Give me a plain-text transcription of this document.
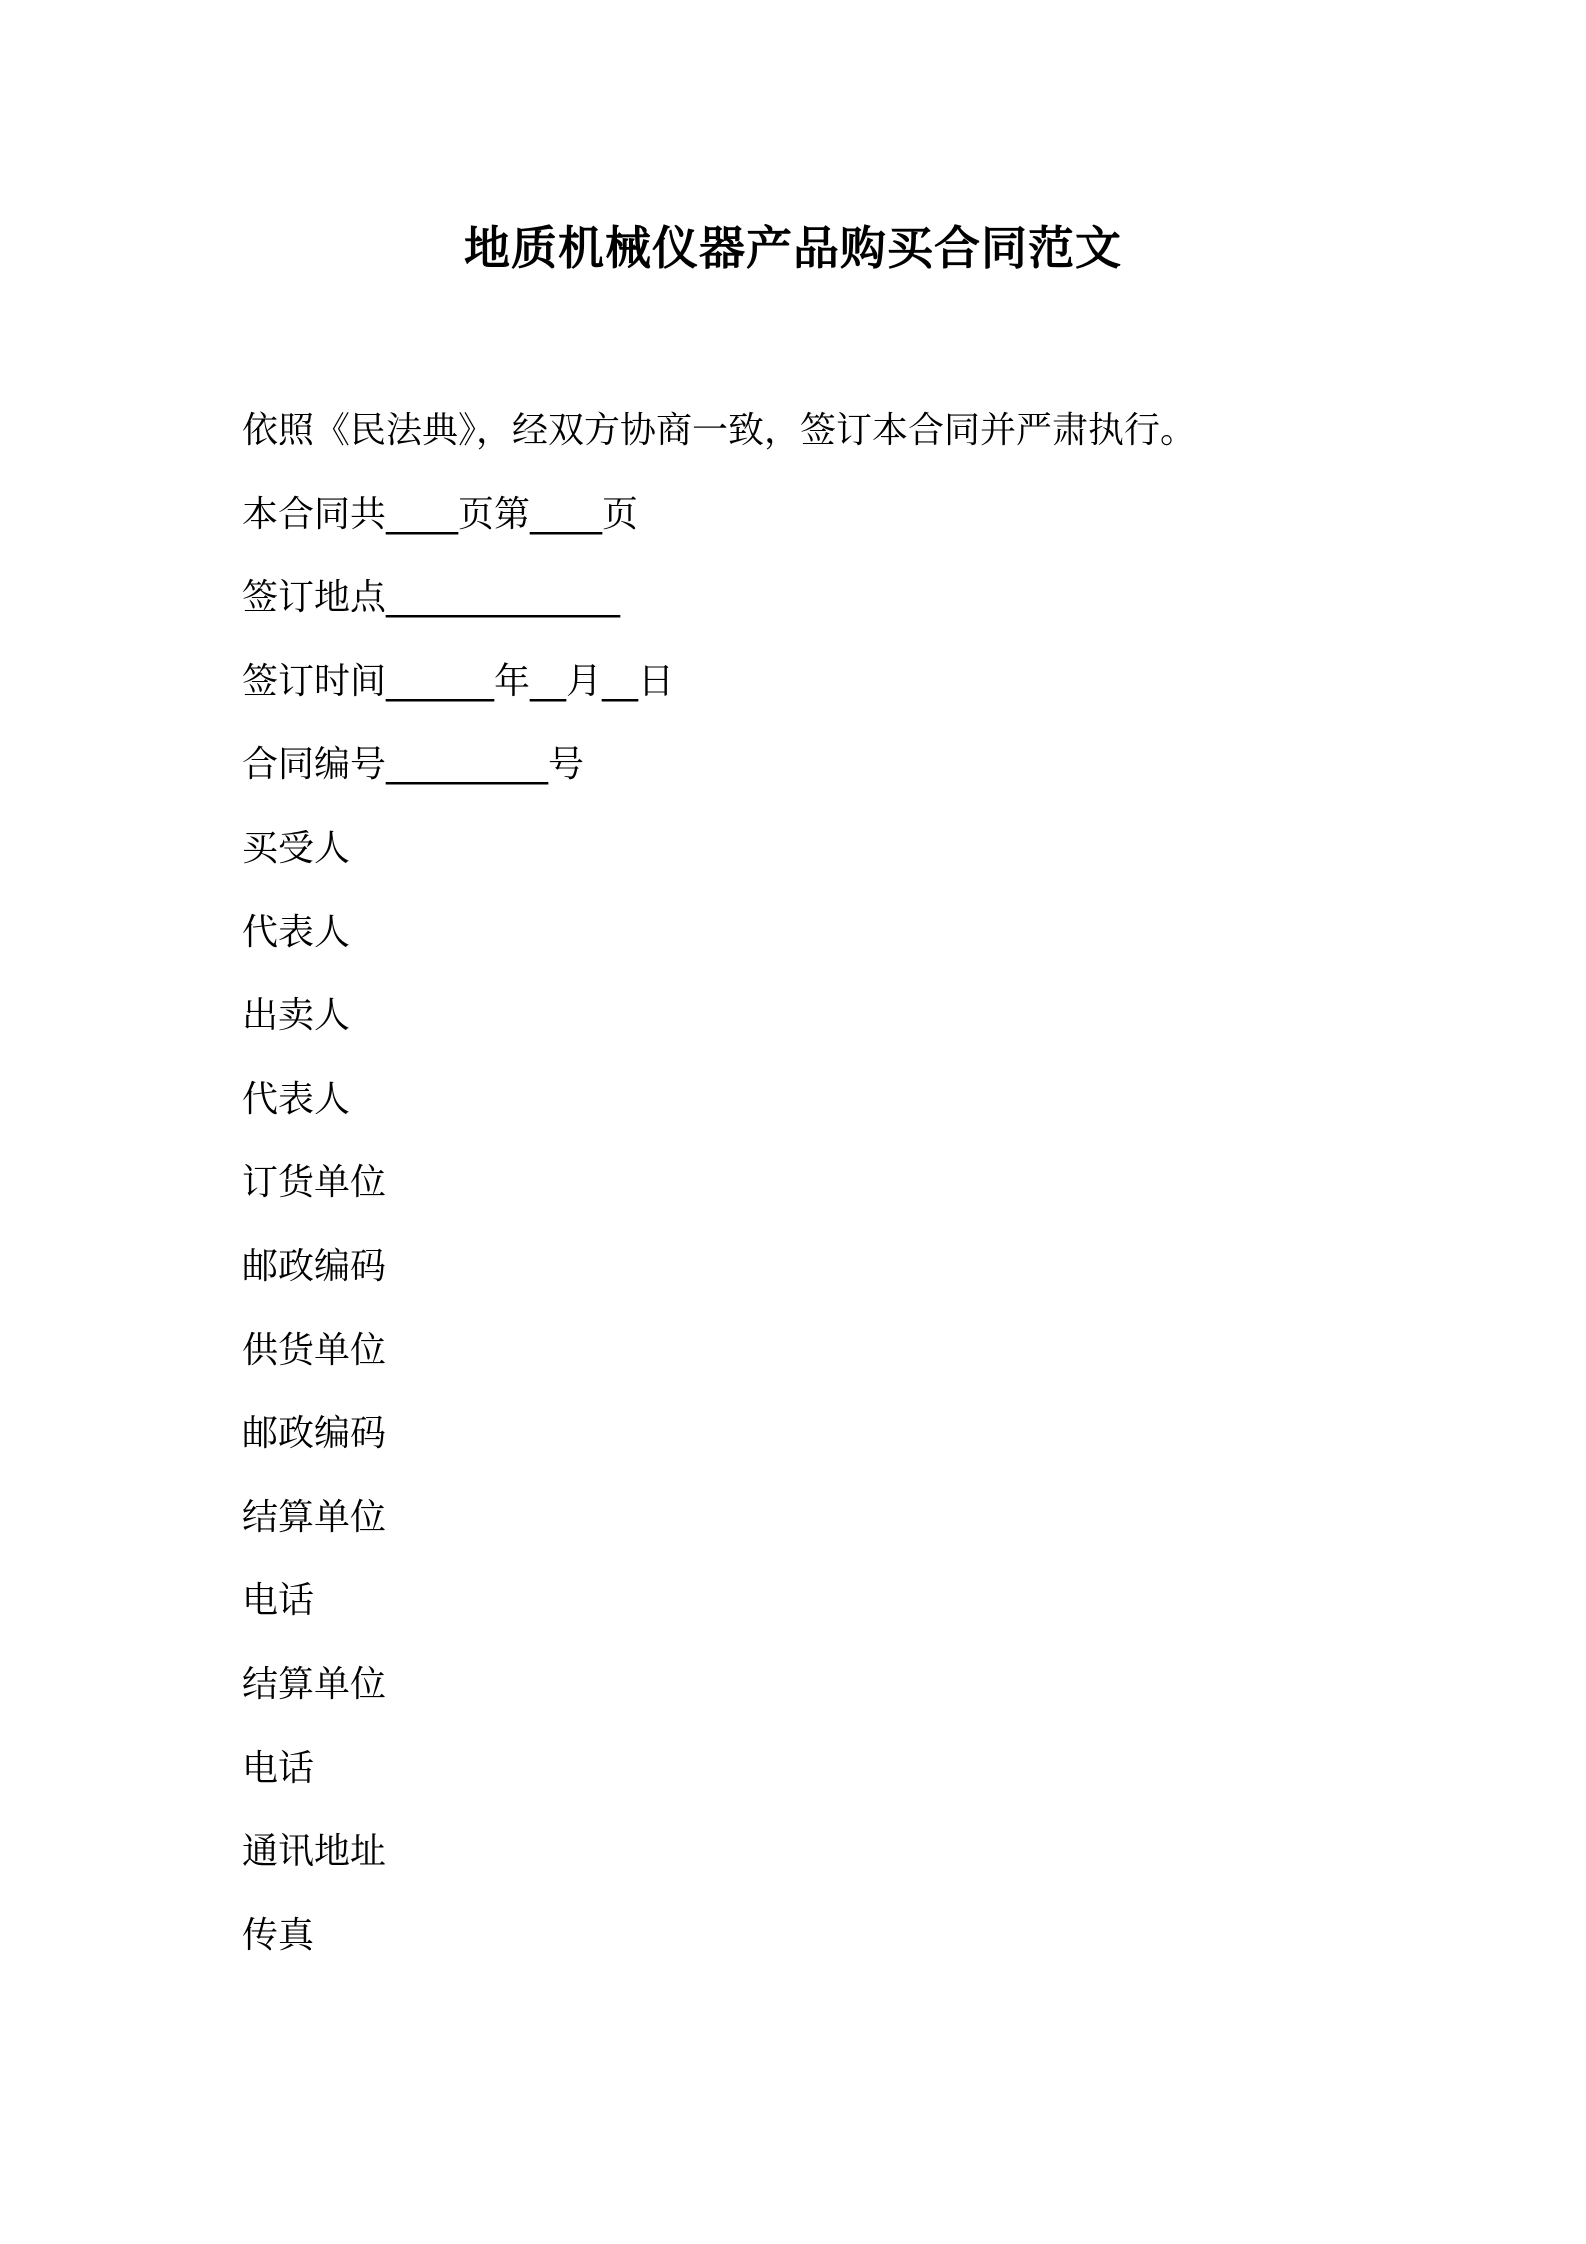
地质机械仪器产品购买合同范文
依照《民法典》，经双方协商一致，签订本合同并严肃执行。
本合同共____页第____页
签订地点_____________
签订时间______年__月__日
合同编号_________号
买受人
代表人
出卖人
代表人
订货单位
邮政编码
供货单位
邮政编码
结算单位
电话
结算单位
电话
通讯地址
传真
